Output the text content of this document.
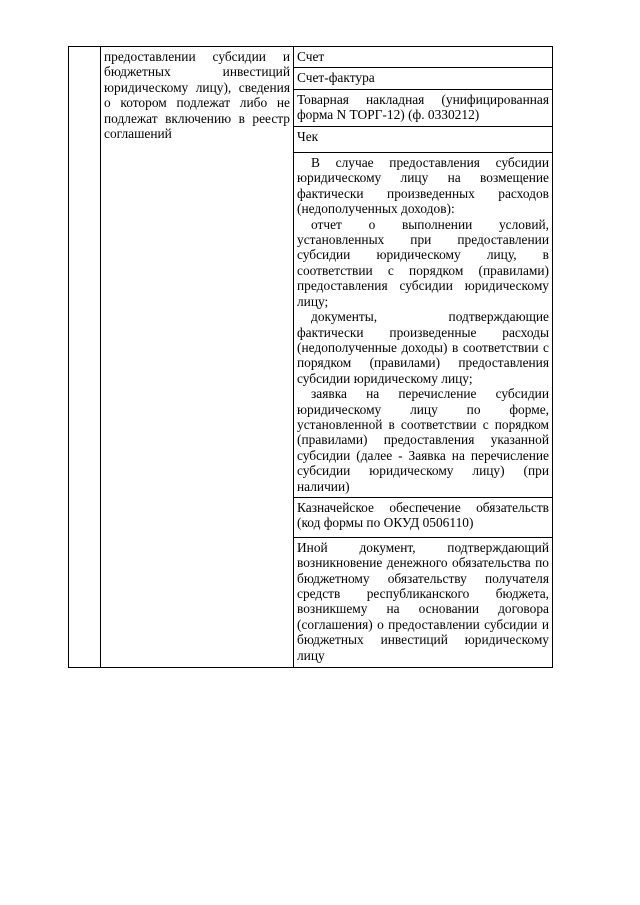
предоставлении субсидии и бюджетных инвестиций юридическому лицу), сведения о котором подлежат либо не подлежат включению в реестр соглашений

Счет

Счет-фактура

Товарная накладная (унифицированная форма N ТОРГ-12) (ф. 0330212)

Чек

В случае предоставления субсидии юридическому лицу на возмещение фактически произведенных расходов (недополученных доходов):
отчет о выполнении условий, установленных при предоставлении субсидии юридическому лицу, в соответствии с порядком (правилами) предоставления субсидии юридическому лицу;
документы, подтверждающие фактически произведенные расходы (недополученные доходы) в соответствии с порядком (правилами) предоставления субсидии юридическому лицу;
заявка на перечисление субсидии юридическому лицу по форме, установленной в соответствии с порядком (правилами) предоставления указанной субсидии (далее - Заявка на перечисление субсидии юридическому лицу) (при наличии)

Казначейское обеспечение обязательств (код формы по ОКУД 0506110)

Иной документ, подтверждающий возникновение денежного обязательства по бюджетному обязательству получателя средств республиканского бюджета, возникшему на основании договора (соглашения) о предоставлении субсидии и бюджетных инвестиций юридическому лицу
